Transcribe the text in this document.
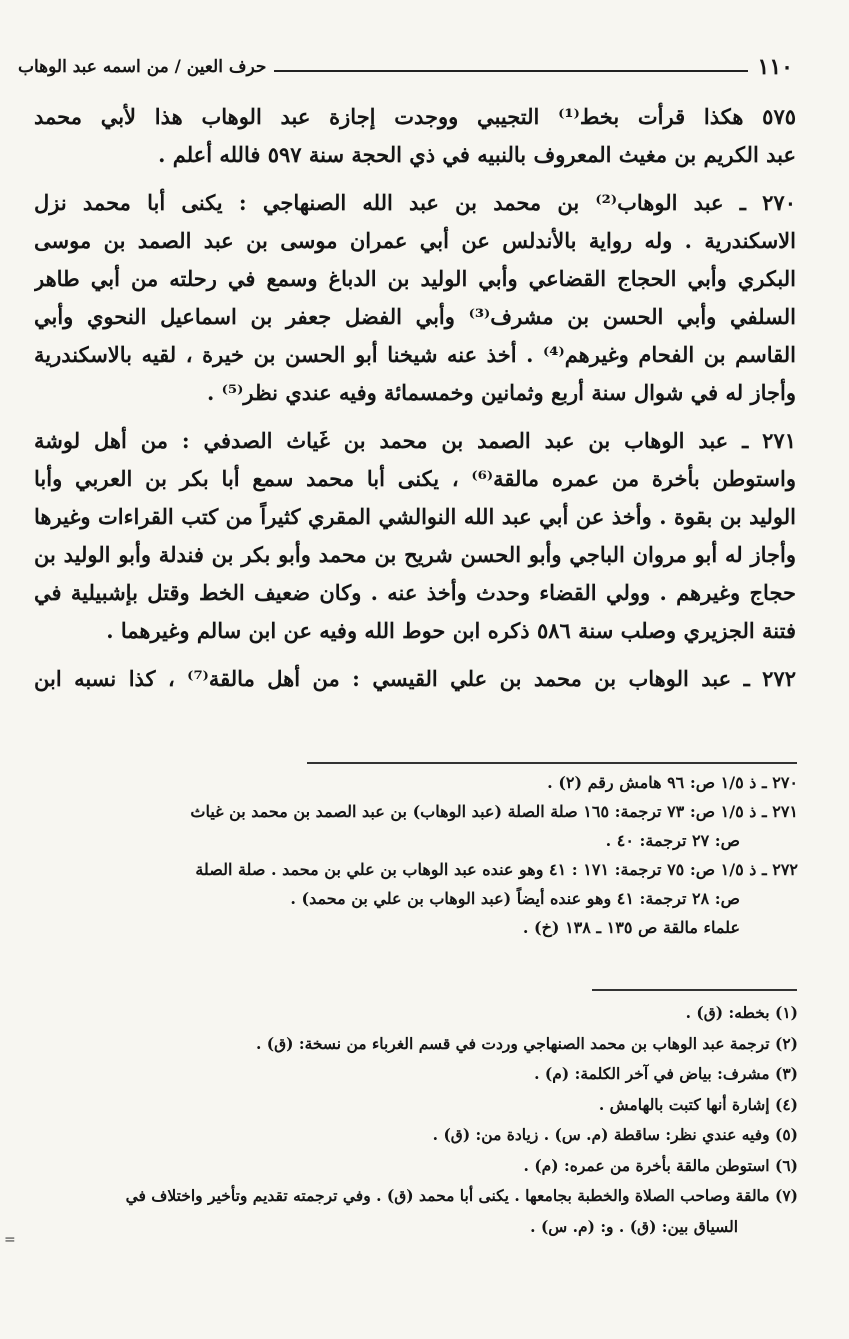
١١٠
حرف العين / من اسمه عبد الوهاب
٥٧٥ هكذا قرأت بخط⁽¹⁾ التجيبي ووجدت إجازة عبد الوهاب هذا لأبي محمد
عبد الكريم بن مغيث المعروف بالنبيه في ذي الحجة سنة ٥٩٧ فالله أعلم .
٢٧٠ ـ عبد الوهاب⁽²⁾ بن محمد بن عبد الله الصنهاجي : يكنى أبا محمد نزل
الاسكندرية . وله رواية بالأندلس عن أبي عمران موسى بن عبد الصمد بن موسى
البكري وأبي الحجاج القضاعي وأبي الوليد بن الدباغ وسمع في رحلته من أبي طاهر
السلفي وأبي الحسن بن مشرف⁽³⁾ وأبي الفضل جعفر بن اسماعيل النحوي وأبي
القاسم بن الفحام وغيرهم⁽⁴⁾ . أخذ عنه شيخنا أبو الحسن بن خيرة ، لقيه بالاسكندرية
وأجاز له في شوال سنة أربع وثمانين وخمسمائة وفيه عندي نظر⁽⁵⁾ .
٢٧١ ـ عبد الوهاب بن عبد الصمد بن محمد بن غَياث الصدفي : من أهل لوشة
واستوطن بأخرة من عمره مالقة⁽⁶⁾ ، يكنى أبا محمد سمع أبا بكر بن العربي وأبا
الوليد بن بقوة . وأخذ عن أبي عبد الله النوالشي المقري كثيراً من كتب القراءات وغيرها
وأجاز له أبو مروان الباجي وأبو الحسن شريح بن محمد وأبو بكر بن فندلة وأبو الوليد بن
حجاج وغيرهم . وولي القضاء وحدث وأخذ عنه . وكان ضعيف الخط وقتل بإشبيلية في
فتنة الجزيري وصلب سنة ٥٨٦ ذكره ابن حوط الله وفيه عن ابن سالم وغيرهما .
٢٧٢ ـ عبد الوهاب بن محمد بن علي القيسي : من أهل مالقة⁽⁷⁾ ، كذا نسبه ابن
٢٧٠ ـ ذ ١/٥ ص: ٩٦ هامش رقم (٢) .
٢٧١ ـ ذ ١/٥ ص: ٧٣ ترجمة: ١٦٥ صلة الصلة (عبد الوهاب) بن عبد الصمد بن محمد بن غياث
ص: ٢٧ ترجمة: ٤٠ .
٢٧٢ ـ ذ ١/٥ ص: ٧٥ ترجمة: ١٧١ : ٤١ وهو عنده عبد الوهاب بن علي بن محمد . صلة الصلة
ص: ٢٨ ترجمة: ٤١ وهو عنده أيضاً (عبد الوهاب بن علي بن محمد) .
علماء مالقة ص ١٣٥ ـ ١٣٨ (خ) .
(١) بخطه: (ق) .
(٢) ترجمة عبد الوهاب بن محمد الصنهاجي وردت في قسم الغرباء من نسخة: (ق) .
(٣) مشرف: بياض في آخر الكلمة: (م) .
(٤) إشارة أنها كتبت بالهامش .
(٥) وفيه عندي نظر: ساقطة (م. س) . زيادة من: (ق) .
(٦) استوطن مالقة بأخرة من عمره: (م) .
(٧) مالقة وصاحب الصلاة والخطبة بجامعها . يكنى أبا محمد (ق) . وفي ترجمته تقديم وتأخير واختلاف في
السياق بين: (ق) . و: (م. س) .
=
